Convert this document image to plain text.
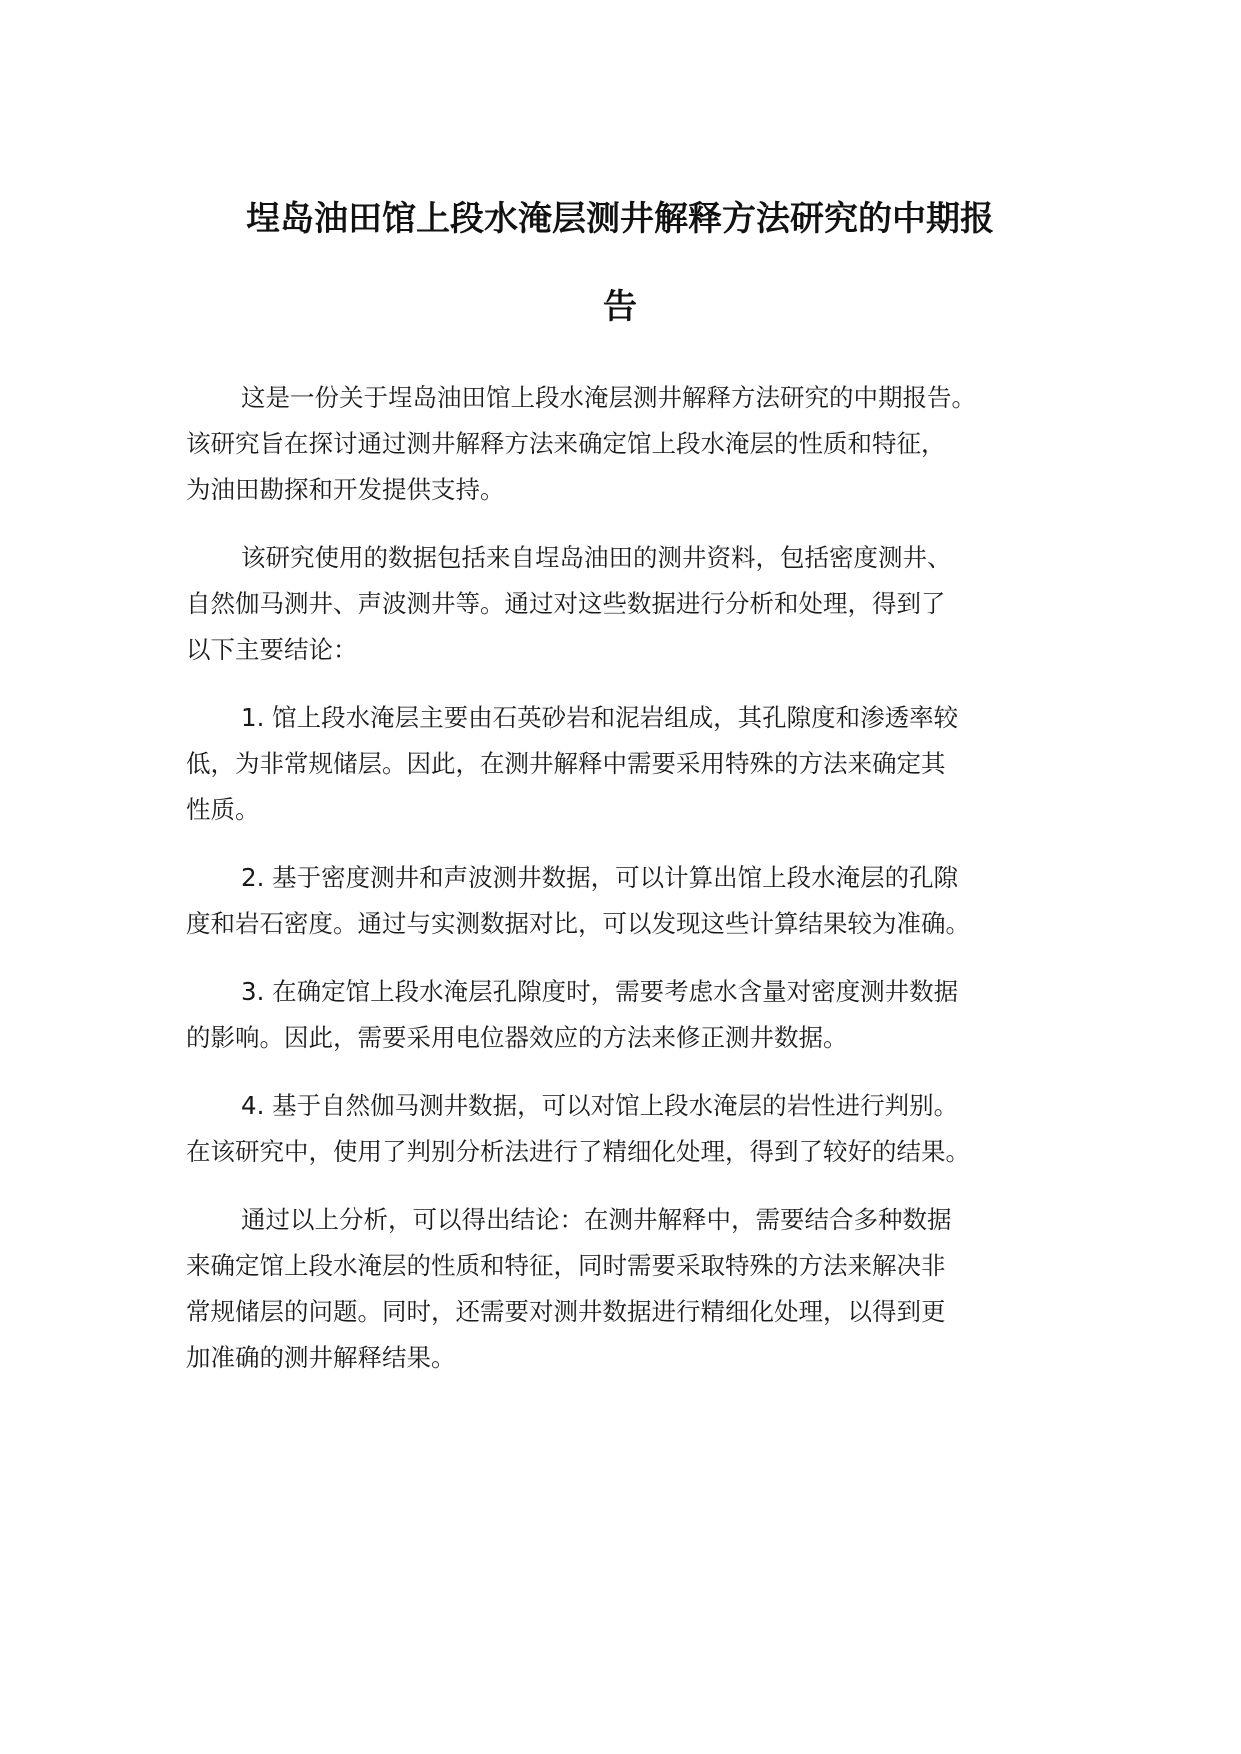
埕岛油田馆上段水淹层测井解释方法研究的中期报
告

这是一份关于埕岛油田馆上段水淹层测井解释方法研究的中期报告。
该研究旨在探讨通过测井解释方法来确定馆上段水淹层的性质和特征，
为油田勘探和开发提供支持。

该研究使用的数据包括来自埕岛油田的测井资料，包括密度测井、
自然伽马测井、声波测井等。通过对这些数据进行分析和处理，得到了
以下主要结论：

1. 馆上段水淹层主要由石英砂岩和泥岩组成，其孔隙度和渗透率较
低，为非常规储层。因此，在测井解释中需要采用特殊的方法来确定其
性质。

2. 基于密度测井和声波测井数据，可以计算出馆上段水淹层的孔隙
度和岩石密度。通过与实测数据对比，可以发现这些计算结果较为准确。

3. 在确定馆上段水淹层孔隙度时，需要考虑水含量对密度测井数据
的影响。因此，需要采用电位器效应的方法来修正测井数据。

4. 基于自然伽马测井数据，可以对馆上段水淹层的岩性进行判别。
在该研究中，使用了判别分析法进行了精细化处理，得到了较好的结果。

通过以上分析，可以得出结论：在测井解释中，需要结合多种数据
来确定馆上段水淹层的性质和特征，同时需要采取特殊的方法来解决非
常规储层的问题。同时，还需要对测井数据进行精细化处理，以得到更
加准确的测井解释结果。
